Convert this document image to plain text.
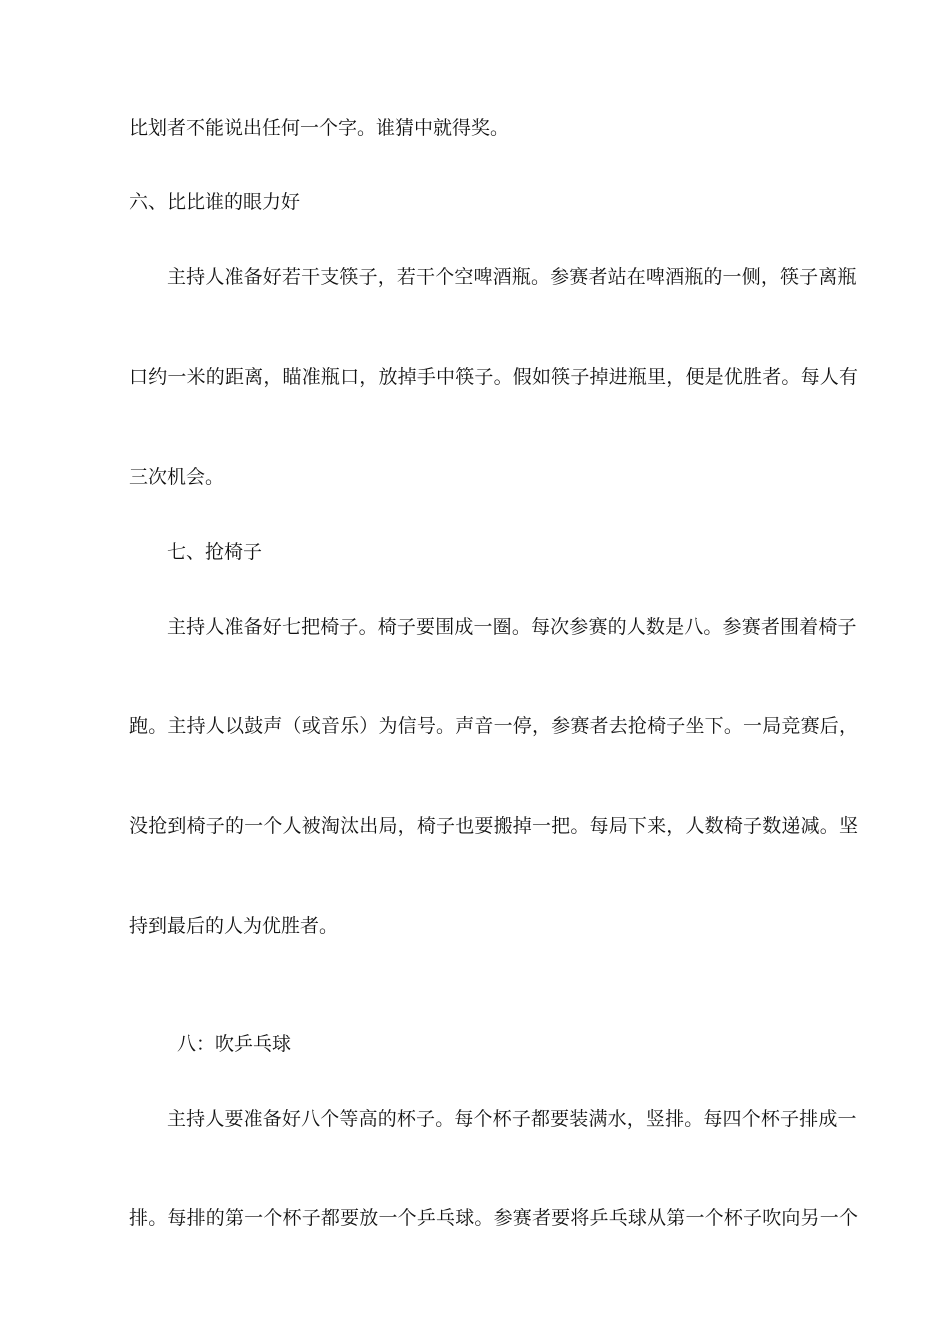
比划者不能说出任何一个字。谁猜中就得奖。
六、比比谁的眼力好
主 持 人 准 备 好 若 干 支 筷 子 ， 若 干 个 空 啤 酒 瓶 。 参 赛 者 站 在 啤 酒 瓶 的 一 侧 ， 筷 子 离 瓶
口 约 一 米 的 距 离 ， 瞄 准 瓶 口 ， 放 掉 手 中 筷 子 。 假 如 筷 子 掉 进 瓶 里 ， 便 是 优 胜 者 。 每 人 有
三次机会。
七、抢椅子
主 持 人 准 备 好 七 把 椅 子 。 椅 子 要 围 成 一 圈 。 每 次 参 赛 的 人 数 是 八 。 参 赛 者 围 着 椅 子
跑 。 主 持 人 以 鼓 声 （ 或 音 乐 ） 为 信 号 。 声 音 一 停 ， 参 赛 者 去 抢 椅 子 坐 下 。 一 局 竞 赛 后 ，
没 抢 到 椅 子 的 一 个 人 被 淘 汰 出 局 ， 椅 子 也 要 搬 掉 一 把 。 每 局 下 来 ， 人 数 椅 子 数 递 减 。 坚
持到最后的人为优胜者。
八：吹乒乓球
主 持 人 要 准 备 好 八 个 等 高 的 杯 子 。 每 个 杯 子 都 要 装 满 水 ， 竖 排 。 每 四 个 杯 子 排 成 一
排 。 每 排 的 第 一 个 杯 子 都 要 放 一 个 乒 乓 球 。 参 赛 者 要 将 乒 乓 球 从 第 一 个 杯 子 吹 向 另 一 个
